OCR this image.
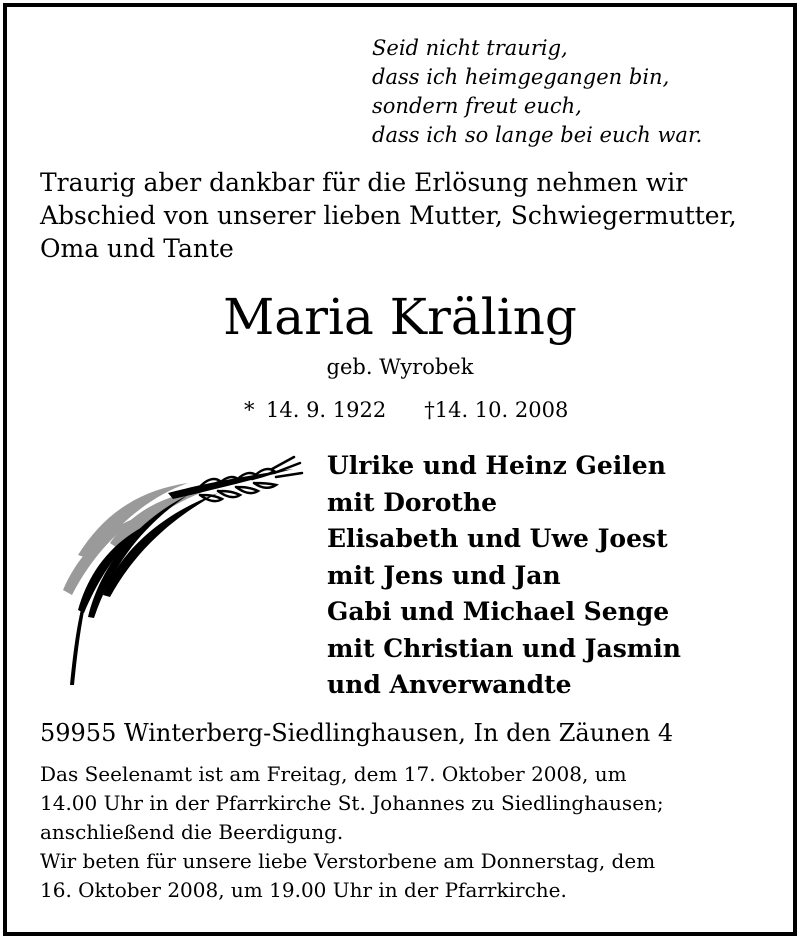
Seid nicht traurig,
dass ich heimgegangen bin,
sondern freut euch,
dass ich so lange bei euch war.
Traurig aber dankbar für die Erlösung nehmen wir
Abschied von unserer lieben Mutter, Schwiegermutter,
Oma und Tante
Maria Kräling
geb. Wyrobek
* 14. 9. 1922 †14. 10. 2008
Ulrike und Heinz Geilen
mit Dorothe
Elisabeth und Uwe Joest
mit Jens und Jan
Gabi und Michael Senge
mit Christian und Jasmin
und Anverwandte
59955 Winterberg-Siedlinghausen, In den Zäunen 4
Das Seelenamt ist am Freitag, dem 17. Oktober 2008, um
14.00 Uhr in der Pfarrkirche St. Johannes zu Siedlinghausen;
anschließend die Beerdigung.
Wir beten für unsere liebe Verstorbene am Donnerstag, dem
16. Oktober 2008, um 19.00 Uhr in der Pfarrkirche.
